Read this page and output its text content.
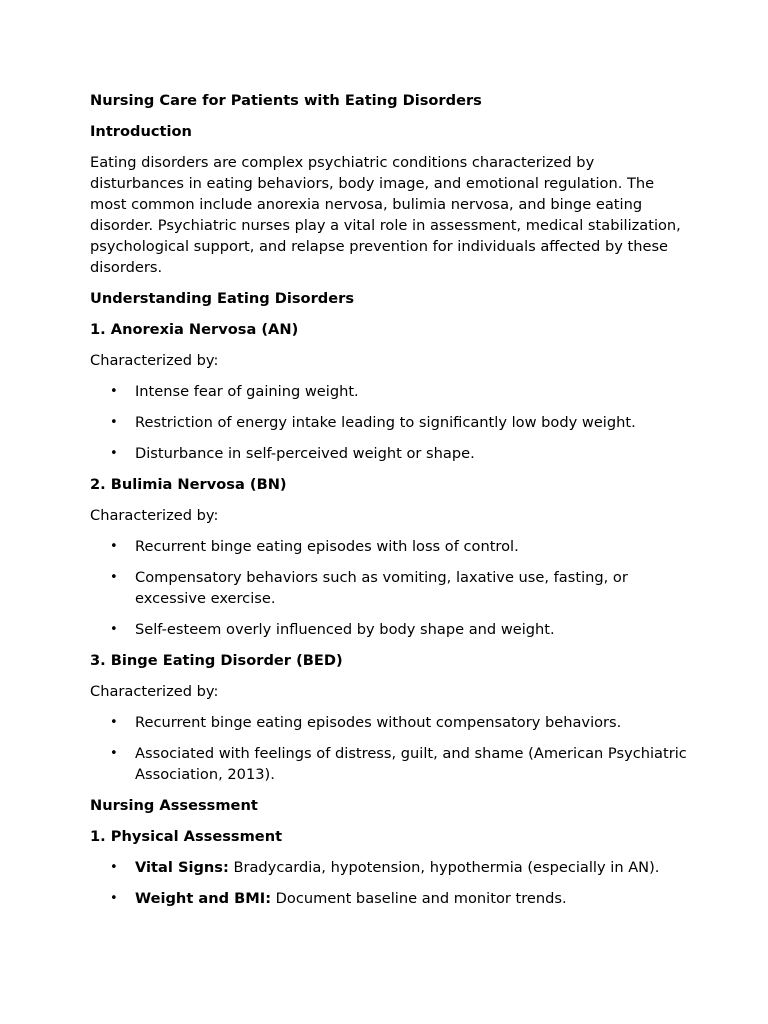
Nursing Care for Patients with Eating Disorders
Introduction
Eating disorders are complex psychiatric conditions characterized by disturbances in eating behaviors, body image, and emotional regulation. The most common include anorexia nervosa, bulimia nervosa, and binge eating disorder. Psychiatric nurses play a vital role in assessment, medical stabilization, psychological support, and relapse prevention for individuals affected by these disorders.
Understanding Eating Disorders
1. Anorexia Nervosa (AN)
Characterized by:
• Intense fear of gaining weight.
• Restriction of energy intake leading to significantly low body weight.
• Disturbance in self-perceived weight or shape.
2. Bulimia Nervosa (BN)
Characterized by:
• Recurrent binge eating episodes with loss of control.
• Compensatory behaviors such as vomiting, laxative use, fasting, or excessive exercise.
• Self-esteem overly influenced by body shape and weight.
3. Binge Eating Disorder (BED)
Characterized by:
• Recurrent binge eating episodes without compensatory behaviors.
• Associated with feelings of distress, guilt, and shame (American Psychiatric Association, 2013).
Nursing Assessment
1. Physical Assessment
• Vital Signs: Bradycardia, hypotension, hypothermia (especially in AN).
• Weight and BMI: Document baseline and monitor trends.
